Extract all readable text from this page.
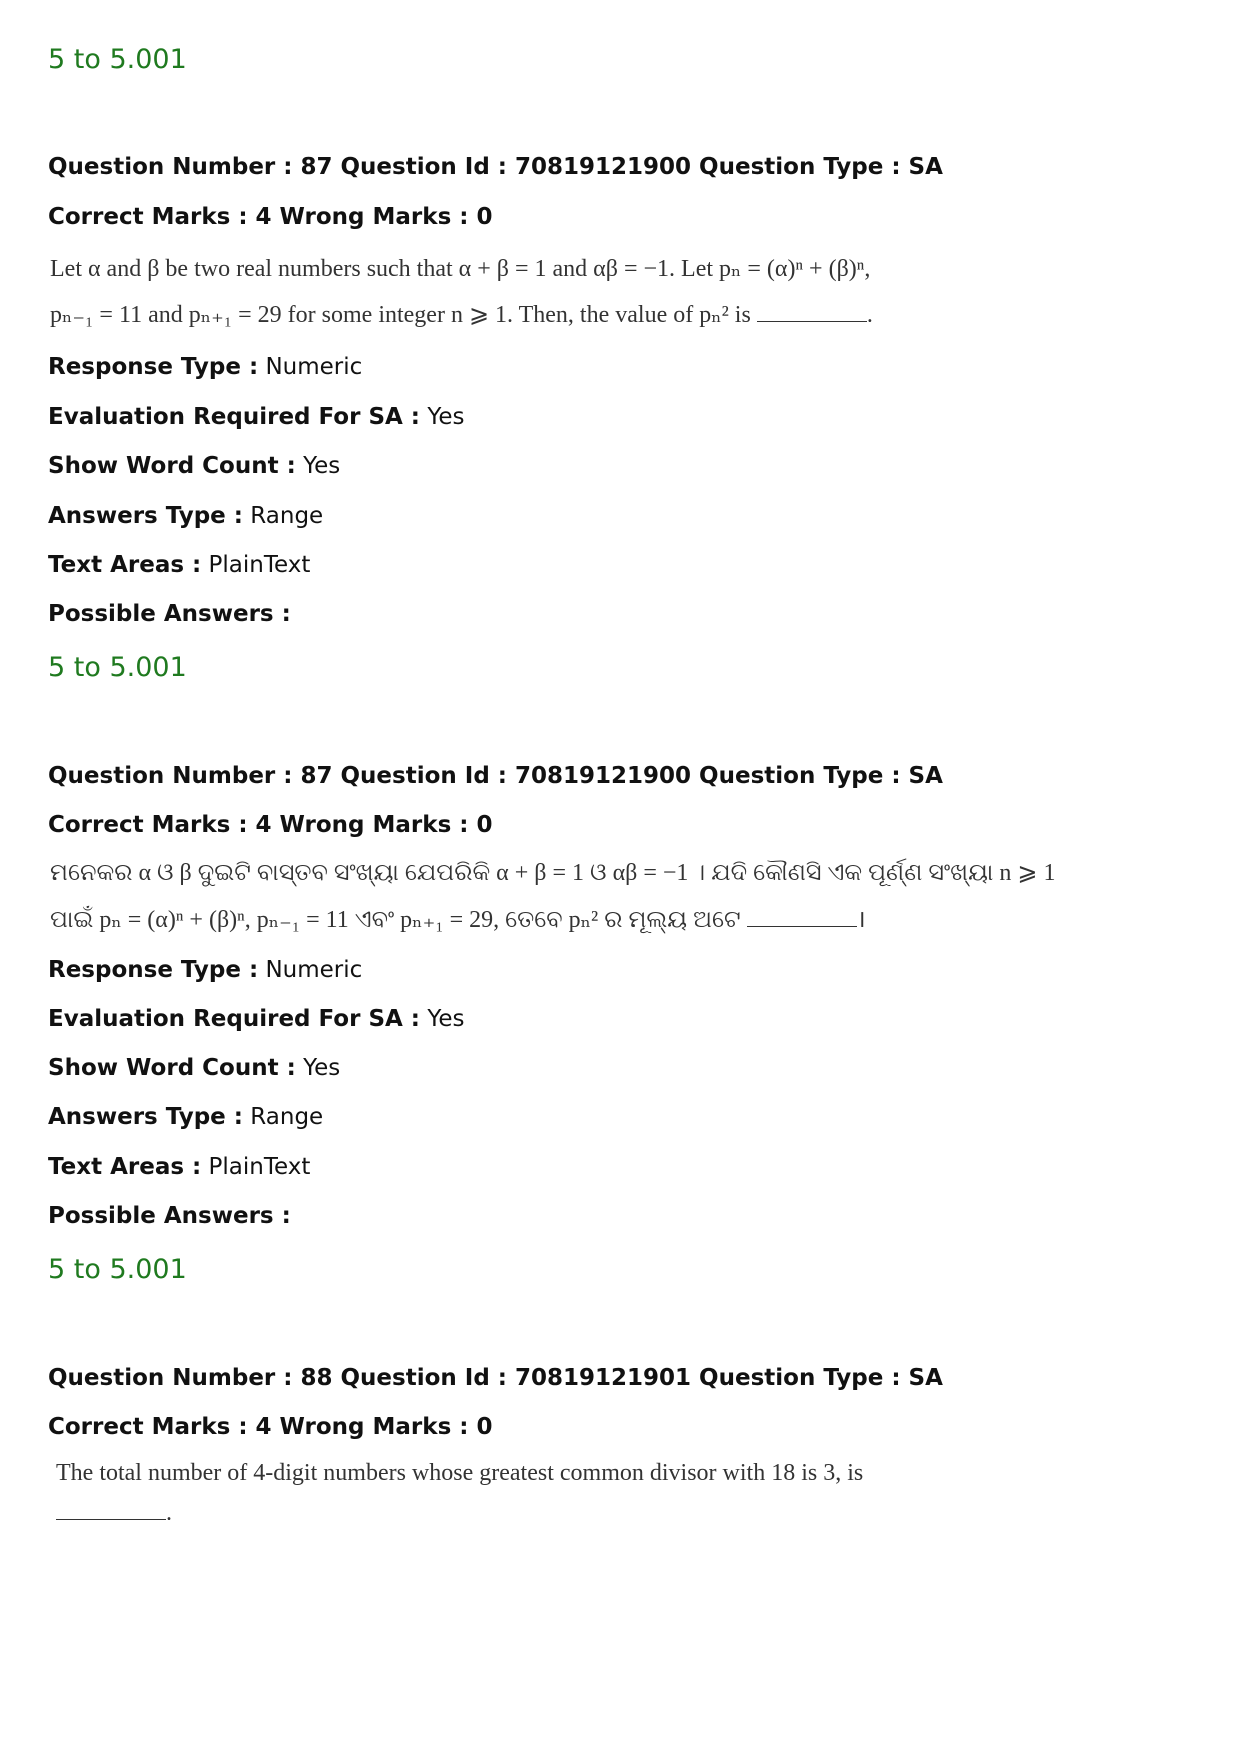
5 to 5.001
Question Number : 87 Question Id : 70819121900 Question Type : SA
Correct Marks : 4 Wrong Marks : 0
Let α and β be two real numbers such that α + β = 1 and αβ = −1. Let pₙ = (α)ⁿ + (β)ⁿ,
pₙ₋₁ = 11 and pₙ₊₁ = 29 for some integer n ⩾ 1. Then, the value of pₙ² is	.
Response Type : Numeric
Evaluation Required For SA : Yes
Show Word Count : Yes
Answers Type : Range
Text Areas : PlainText
Possible Answers :
5 to 5.001
Question Number : 87 Question Id : 70819121900 Question Type : SA
Correct Marks : 4 Wrong Marks : 0
ମନେକର α ଓ β ଦୁଇଟି ବାସ୍ତବ ସଂଖ୍ୟା ଯେପରିକି α + β = 1 ଓ αβ = −1 । ଯଦି କୌଣସି ଏକ ପୂର୍ଣ୍ଣ ସଂଖ୍ୟା n ⩾ 1
ପାଇଁ pₙ = (α)ⁿ + (β)ⁿ, pₙ₋₁ = 11 ଏବଂ pₙ₊₁ = 29, ତେବେ pₙ² ର ମୂଲ୍ୟ ଅଟେ	।
Response Type : Numeric
Evaluation Required For SA : Yes
Show Word Count : Yes
Answers Type : Range
Text Areas : PlainText
Possible Answers :
5 to 5.001
Question Number : 88 Question Id : 70819121901 Question Type : SA
Correct Marks : 4 Wrong Marks : 0
The total number of 4-digit numbers whose greatest common divisor with 18 is 3, is
.
